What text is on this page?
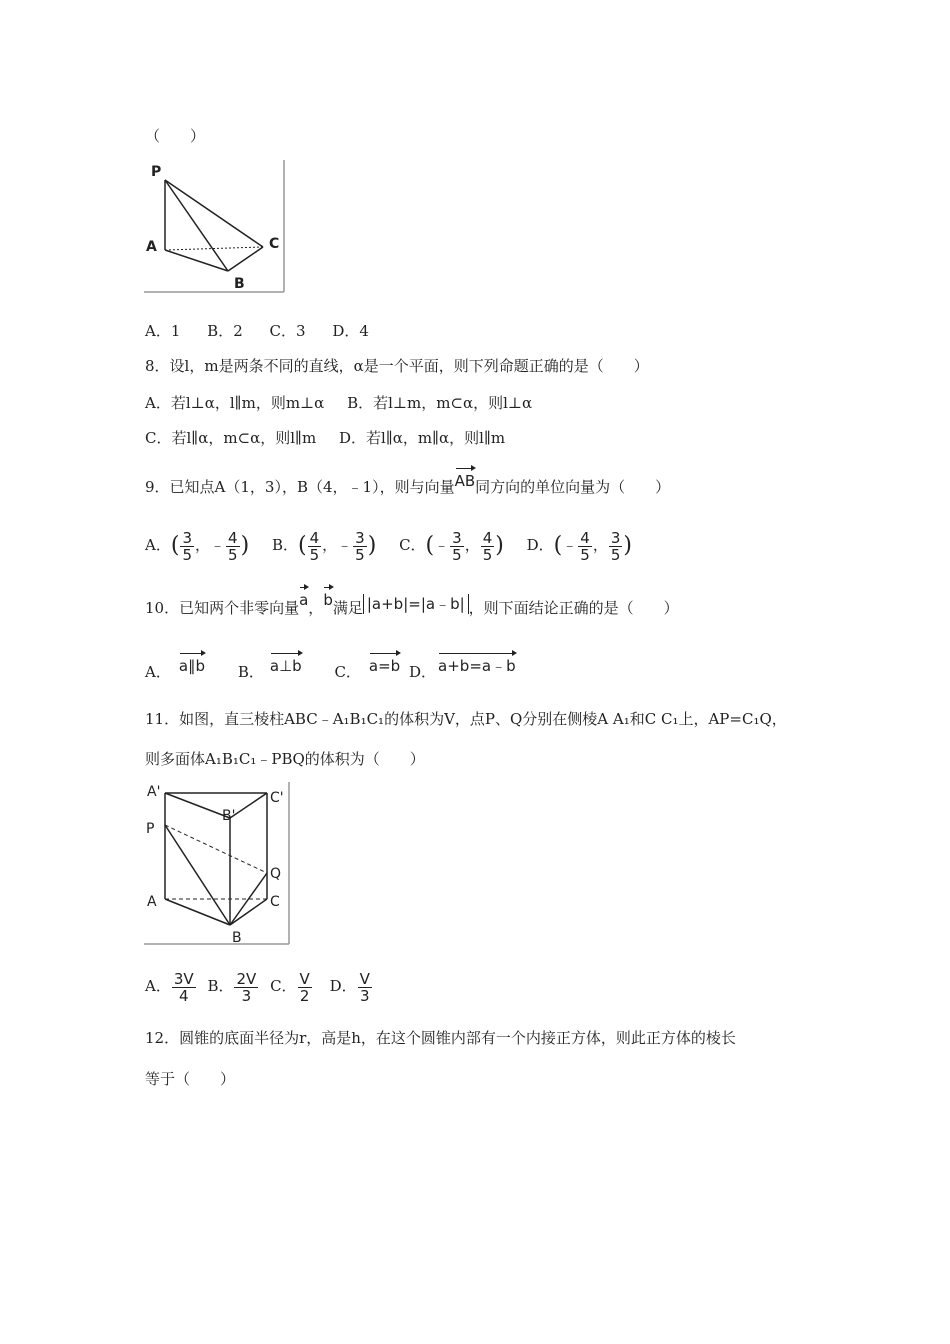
（　　）
P
A	C
B
A．1 B．2 C．3 D．4
8．设l，m是两条不同的直线，α是一个平面，则下列命题正确的是（　　）
A．若l⊥α，l∥m，则m⊥α B．若l⊥m，m⊂α，则l⊥α
C．若l∥α，m⊂α，则l∥m D．若l∥α，m∥α，则l∥m
9．已知点A（1，3），B（4，﹣1），则与向量AB同方向的单位向量为（　　）
A．( $\frac{3}{5}$ ，﹣ $\frac{4}{5}$ ) B．( $\frac{4}{5}$ ，﹣ $\frac{3}{5}$ ) C．(﹣ $\frac{3}{5}$ ， $\frac{4}{5}$ ) D．(﹣ $\frac{4}{5}$ ， $\frac{3}{5}$ )
10．已知两个非零向量a，b满足 |a+b|=|a﹣b| ，则下面结论正确的是（　　）
A． a∥b B． a⊥b C． a=b D． a+b=a﹣b
11．如图，直三棱柱ABC﹣A₁B₁C₁的体积为V，点P、Q分别在侧棱A A₁和C C₁上，AP=C₁Q，
则多面体A₁B₁C₁﹣PBQ的体积为（　　）
A'
B'
C'
P
Q
A	C
B
A． $\frac{3V}{4}$ B． $\frac{2V}{3}$ C． $\frac{V}{2}$ D． $\frac{V}{3}$
12．圆锥的底面半径为r，高是h，在这个圆锥内部有一个内接正方体，则此正方体的棱长
等于（　　）
